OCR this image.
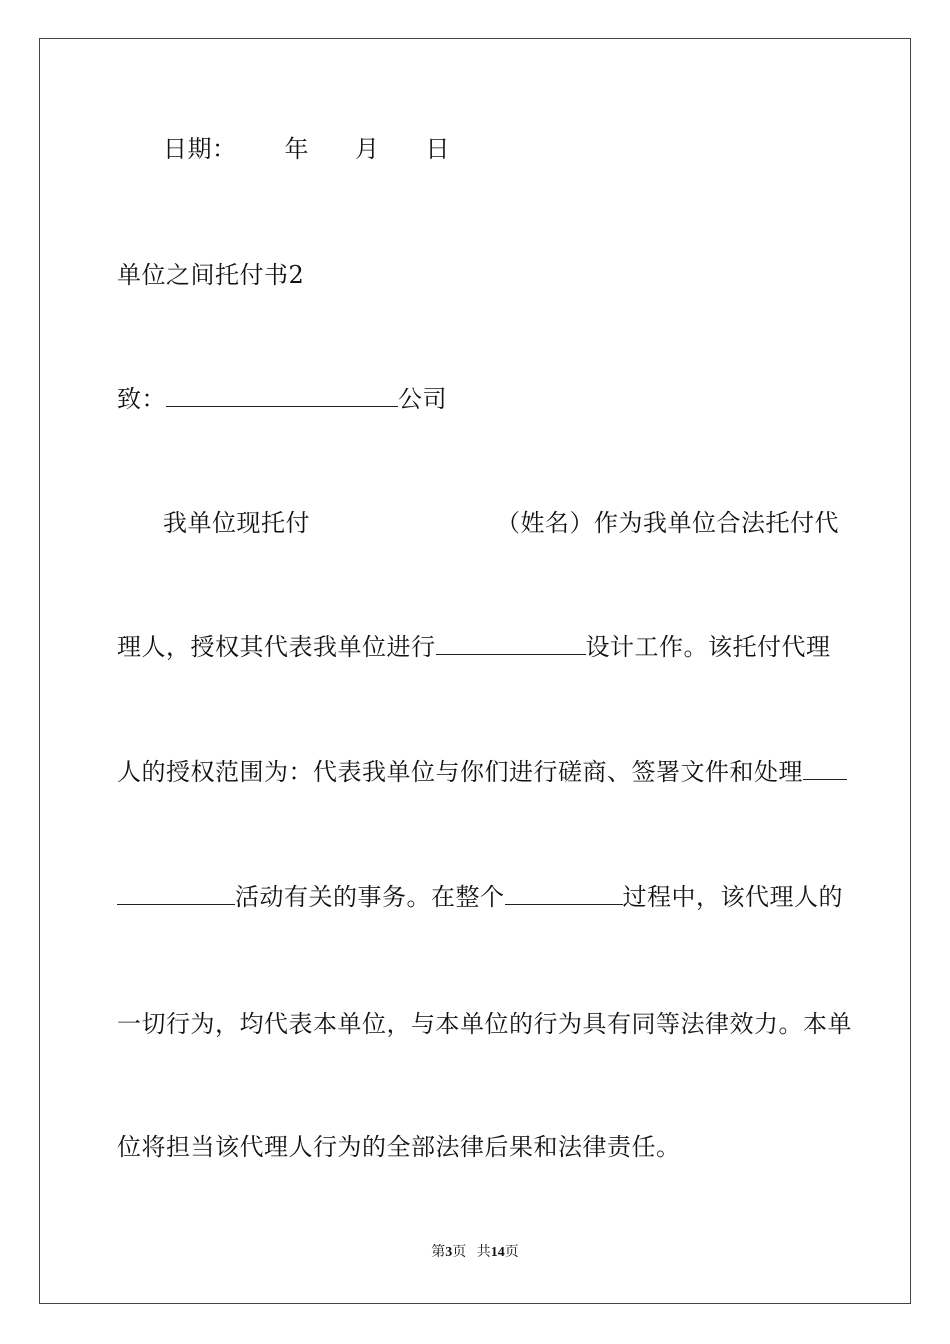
日期： 年 月 日
单位之间托付书2
致：	公司
我单位现托付	（姓名）作为我单位合法托付代
理人，授权其代表我单位进行	设计工作。该托付代理
人的授权范围为：代表我单位与你们进行磋商、签署文件和处理
活动有关的事务。在整个	过程中，该代理人的
一切行为，均代表本单位，与本单位的行为具有同等法律效力。本单
位将担当该代理人行为的全部法律后果和法律责任。
第3页 共14页
